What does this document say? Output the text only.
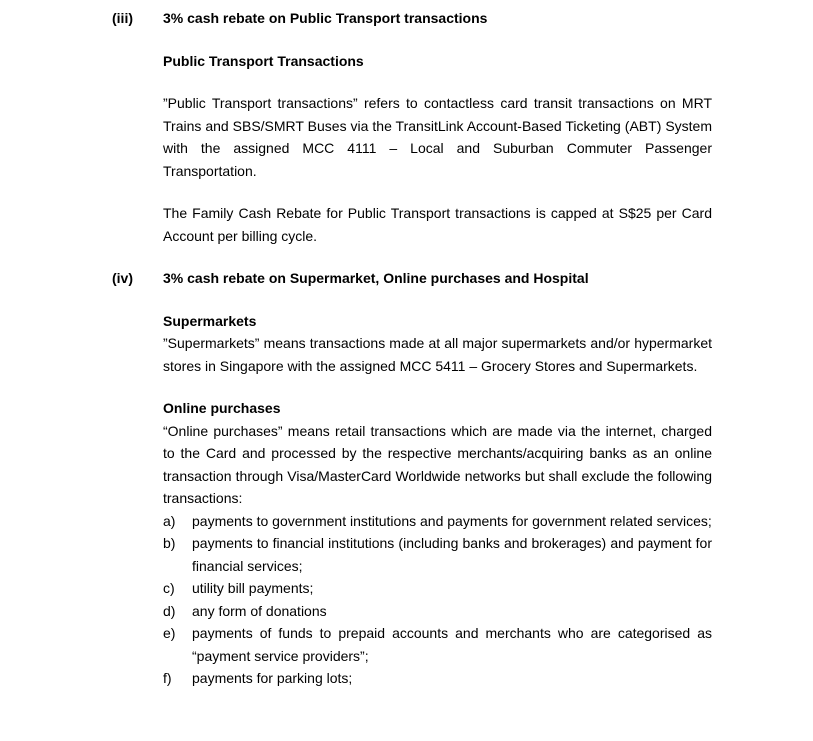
(iii)	3% cash rebate on Public Transport transactions

Public Transport Transactions

”Public Transport transactions” refers to contactless card transit transactions on MRT Trains and SBS/SMRT Buses via the TransitLink Account-Based Ticketing (ABT) System with the assigned MCC 4111 – Local and Suburban Commuter Passenger Transportation.

The Family Cash Rebate for Public Transport transactions is capped at S$25 per Card Account per billing cycle.

(iv)	3% cash rebate on Supermarket, Online purchases and Hospital

Supermarkets

”Supermarkets” means transactions made at all major supermarkets and/or hypermarket stores in Singapore with the assigned MCC 5411 – Grocery Stores and Supermarkets.

Online purchases

“Online purchases” means retail transactions which are made via the internet, charged to the Card and processed by the respective merchants/acquiring banks as an online transaction through Visa/MasterCard Worldwide networks but shall exclude the following transactions:

a)	payments to government institutions and payments for government related services;
b)	payments to financial institutions (including banks and brokerages) and payment for financial services;
c)	utility bill payments;
d)	any form of donations
e)	payments of funds to prepaid accounts and merchants who are categorised as “payment service providers”;
f)	payments for parking lots;
